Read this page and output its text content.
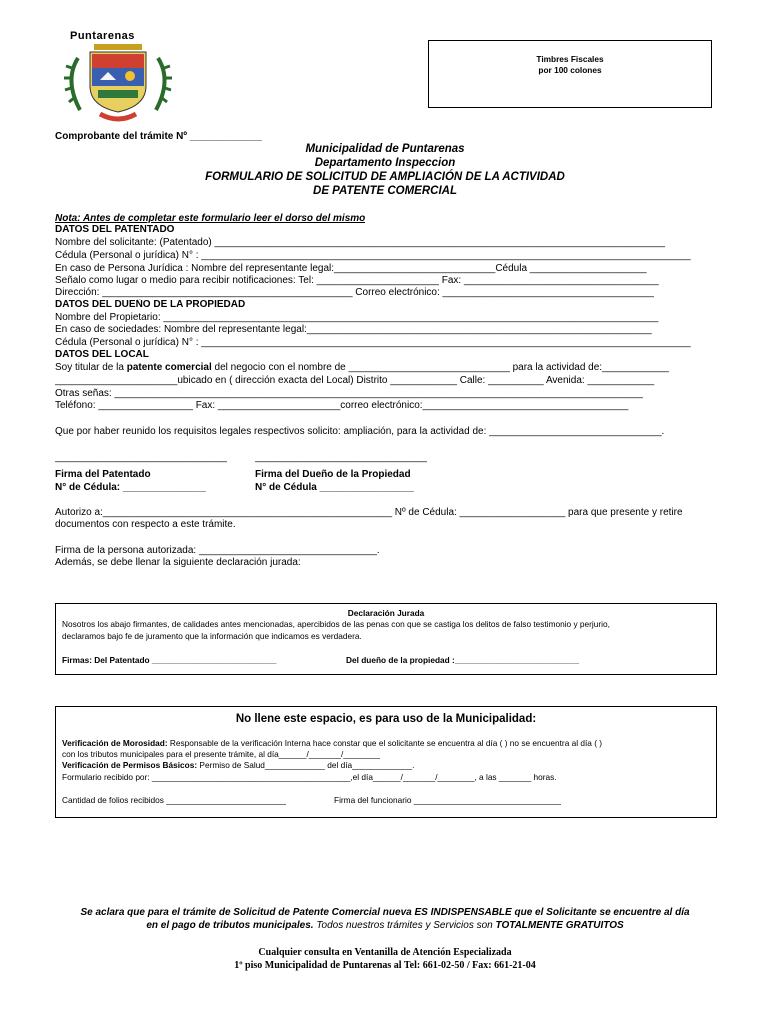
Puntarenas
Timbres Fiscales
por 100 colones
Comprobante del trámite Nº _____________
Municipalidad de Puntarenas
Departamento Inspeccion
FORMULARIO DE SOLICITUD DE AMPLIACIÓN DE LA ACTIVIDAD
DE PATENTE COMERCIAL
Nota: Antes de completar este formulario leer el dorso del mismo
DATOS DEL PATENTADO
Nombre del solicitante: (Patentado) _________________________________________________________________________________
Cédula (Personal o jurídica) N° : ________________________________________________________________________________________
En caso de Persona Jurídica : Nombre del representante legal:_____________________________Cédula _____________________
Señalo como lugar o medio para recibir notificaciones: Tel: ______________________ Fax: ___________________________________
Dirección: _____________________________________________ Correo electrónico: ______________________________________
DATOS DEL DUEÑO DE LA PROPIEDAD
Nombre del Propietario: _________________________________________________________________________________________
En caso de sociedades: Nombre del representante legal:______________________________________________________________
Cédula (Personal o jurídica) N° : ________________________________________________________________________________________
DATOS DEL LOCAL
Soy titular de la patente comercial del negocio con el nombre de _____________________________ para la actividad de:____________
______________________ubicado en ( dirección exacta del Local) Distrito ____________ Calle: __________ Avenida: ____________
Otras señas: _______________________________________________________________________________________________
Teléfono: _________________ Fax: ______________________correo electrónico:_____________________________________
Que por haber reunido los requisitos legales respectivos solicito: ampliación, para la actividad de: _______________________________.
_______________________________	_______________________________
Firma del Patentado
N° de Cédula: _______________
Firma del Dueño de la Propiedad
N° de Cédula _________________
Autorizo a:____________________________________________________ Nº de Cédula: ___________________ para que presente y retire
documentos con respecto a este trámite.
Firma de la persona autorizada: ________________________________.
Además, se debe llenar la siguiente declaración jurada:
Declaración Jurada
Nosotros los abajo firmantes, de calidades antes mencionadas, apercibidos de las penas con que se castiga los delitos de falso testimonio y perjurio,
declaramos bajo fe de juramento que la información que indicamos es verdadera.
Firmas: Del Patentado ___________________________	Del dueño de la propiedad :___________________________
No llene este espacio, es para uso de la Municipalidad:
Verificación de Morosidad: Responsable de la verificación Interna hace constar que el solicitante se encuentra al día ( ) no se encuentra al día ( )
con los tributos municipales para el presente trámite, al día______/_______/________
Verificación de Permisos Básicos: Permiso de Salud_____________ del día_____________.
Formulario recibido por: ___________________________________________,el día______/_______/________, a las _______ horas.
Cantidad de folios recibidos __________________________	Firma del funcionario ________________________________
Se aclara que para el trámite de Solicitud de Patente Comercial nueva ES INDISPENSABLE que el Solicitante se encuentre al día
en el pago de tributos municipales. Todos nuestros trámites y Servicios son TOTALMENTE GRATUITOS
Cualquier consulta en Ventanilla de Atención Especializada
1º piso Municipalidad de Puntarenas al Tel: 661-02-50 / Fax: 661-21-04
